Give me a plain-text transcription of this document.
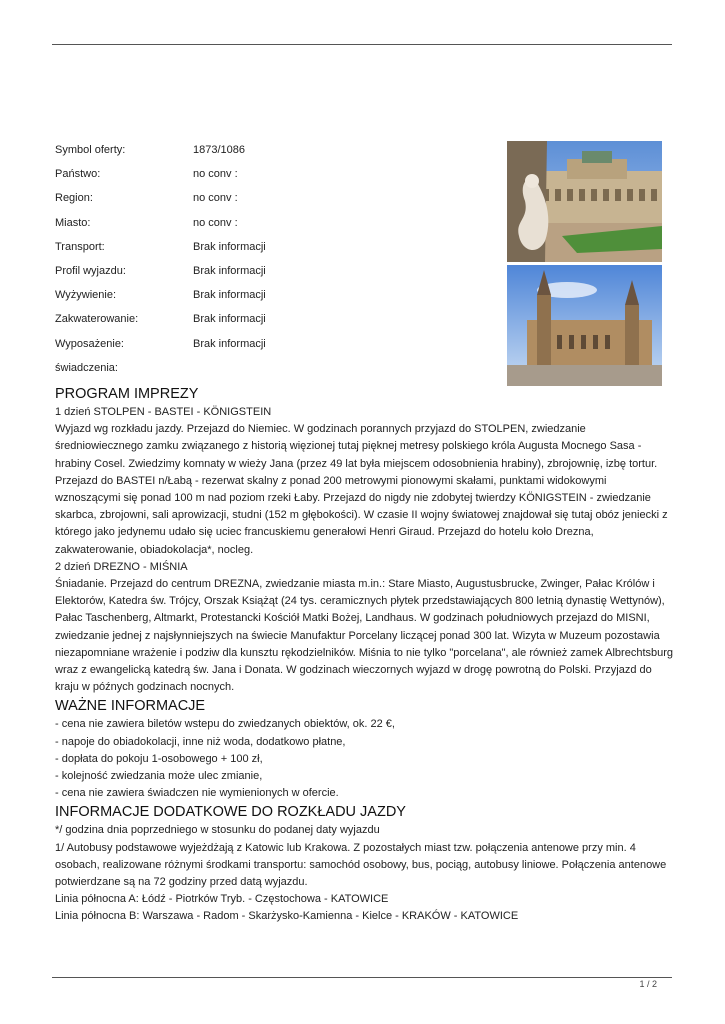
Symbol oferty:	1873/1086
Państwo:	no conv :
Region:	no conv :
Miasto:	no conv :
Transport:	Brak informacji
Profil wyjazdu:	Brak informacji
Wyżywienie:	Brak informacji
Zakwaterowanie:	Brak informacji
Wyposażenie:	Brak informacji
świadczenia:
PROGRAM IMPREZY
1 dzień STOLPEN - BASTEI - KÖNIGSTEIN
Wyjazd wg rozkładu jazdy. Przejazd do Niemiec. W godzinach porannych przyjazd do STOLPEN, zwiedzanie
średniowiecznego zamku związanego z historią więzionej tutaj pięknej metresy polskiego króla Augusta Mocnego Sasa -
hrabiny Cosel. Zwiedzimy komnaty w wieży Jana (przez 49 lat była miejscem odosobnienia hrabiny), zbrojownię, izbę tortur.
Przejazd do BASTEI n/Łabą - rezerwat skalny z ponad 200 metrowymi pionowymi skałami, punktami widokowymi
wznoszącymi się ponad 100 m nad poziom rzeki Łaby. Przejazd do nigdy nie zdobytej twierdzy KÖNIGSTEIN - zwiedzanie
skarbca, zbrojowni, sali aprowizacji, studni (152 m głębokości). W czasie II wojny światowej znajdował się tutaj obóz jeniecki z
którego jako jedynemu udało się uciec francuskiemu generałowi Henri Giraud. Przejazd do hotelu koło Drezna,
zakwaterowanie, obiadokolacja*, nocleg.
2 dzień DREZNO - MIŚNIA
Śniadanie. Przejazd do centrum DREZNA, zwiedzanie miasta m.in.: Stare Miasto, Augustusbrucke, Zwinger, Pałac Królów i
Elektorów, Katedra św. Trójcy, Orszak Książąt (24 tys. ceramicznych płytek przedstawiających 800 letnią dynastię Wettynów),
Pałac Taschenberg, Altmarkt, Protestancki Kościół Matki Bożej, Landhaus. W godzinach południowych przejazd do MISNI,
zwiedzanie jednej z najsłynniejszych na świecie Manufaktur Porcelany liczącej ponad 300 lat. Wizyta w Muzeum pozostawia
niezapomniane wrażenie i podziw dla kunsztu rękodzielników. Miśnia to nie tylko "porcelana", ale również zamek Albrechtsburg
wraz z ewangelicką katedrą św. Jana i Donata. W godzinach wieczornych wyjazd w drogę powrotną do Polski. Przyjazd do
kraju w późnych godzinach nocnych.
WAŻNE INFORMACJE
- cena nie zawiera biletów wstepu do zwiedzanych obiektów, ok. 22 €,
- napoje do obiadokolacji, inne niż woda, dodatkowo płatne,
- dopłata do pokoju 1-osobowego + 100 zł,
- kolejność zwiedzania może ulec zmianie,
- cena nie zawiera świadczen nie wymienionych w ofercie.
INFORMACJE DODATKOWE DO ROZKŁADU JAZDY
*/ godzina dnia poprzedniego w stosunku do podanej daty wyjazdu
1/ Autobusy podstawowe wyjeżdżają z Katowic lub Krakowa. Z pozostałych miast tzw. połączenia antenowe przy min. 4
osobach, realizowane różnymi środkami transportu: samochód osobowy, bus, pociąg, autobusy liniowe. Połączenia antenowe
potwierdzane są na 72 godziny przed datą wyjazdu.
Linia północna A: Łódź - Piotrków Tryb. - Częstochowa - KATOWICE
Linia północna B: Warszawa - Radom - Skarżysko-Kamienna - Kielce - KRAKÓW - KATOWICE
1 / 2
